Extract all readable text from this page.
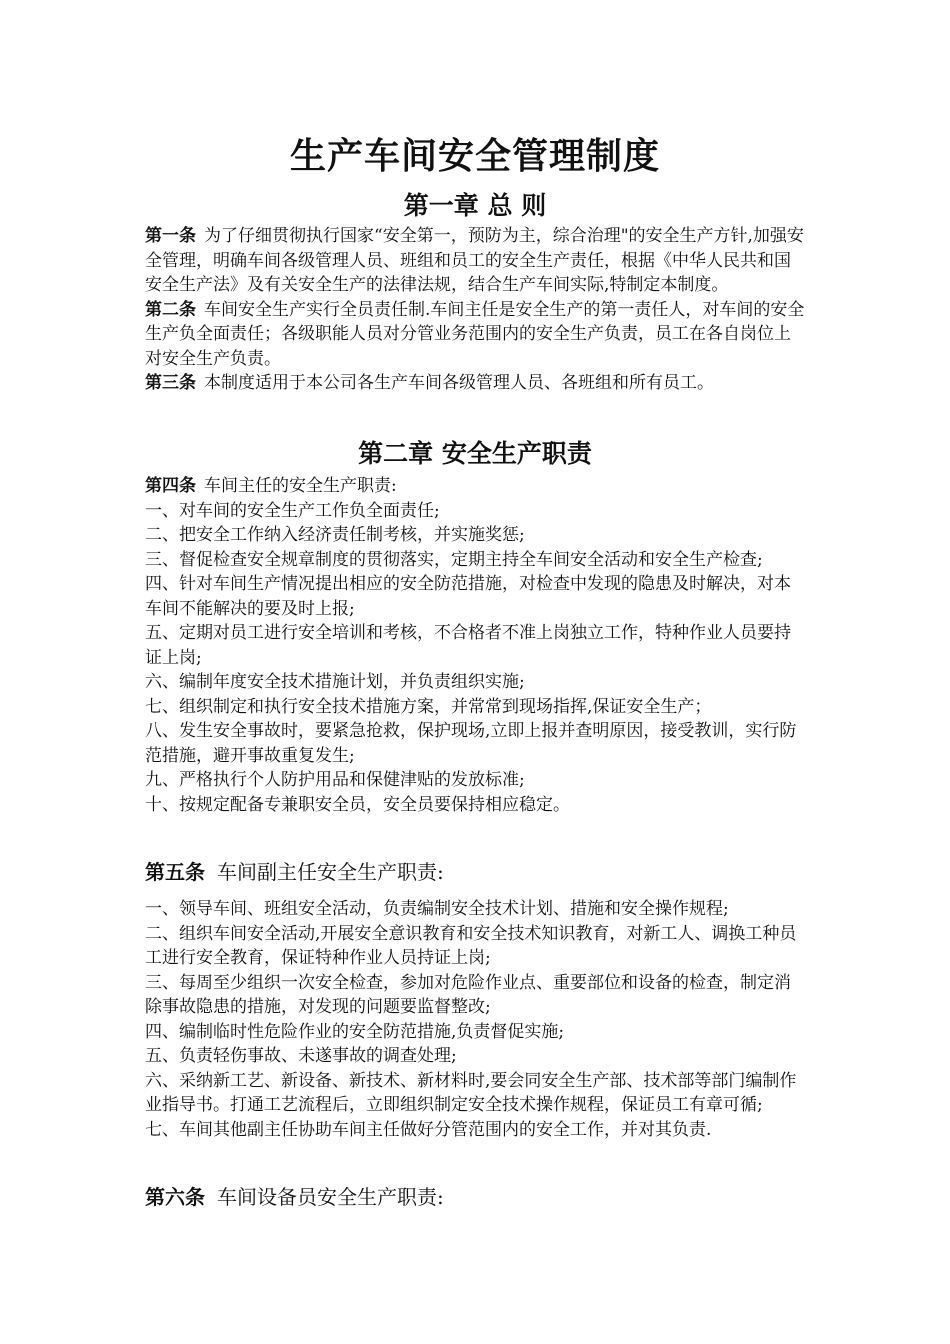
生产车间安全管理制度
第一章 总 则

第一条 为了仔细贯彻执行国家“安全第一，预防为主，综合治理"的安全生产方针,加强安全管理，明确车间各级管理人员、班组和员工的安全生产责任，根据《中华人民共和国安全生产法》及有关安全生产的法律法规，结合生产车间实际,特制定本制度。

第二条 车间安全生产实行全员责任制.车间主任是安全生产的第一责任人，对车间的安全生产负全面责任；各级职能人员对分管业务范围内的安全生产负责，员工在各自岗位上对安全生产负责。

第三条 本制度适用于本公司各生产车间各级管理人员、各班组和所有员工。

第二章 安全生产职责

第四条 车间主任的安全生产职责:

一、对车间的安全生产工作负全面责任;

二、把安全工作纳入经济责任制考核，并实施奖惩;

三、督促检查安全规章制度的贯彻落实，定期主持全车间安全活动和安全生产检查;

四、针对车间生产情况提出相应的安全防范措施，对检查中发现的隐患及时解决，对本车间不能解决的要及时上报;

五、定期对员工进行安全培训和考核，不合格者不准上岗独立工作，特种作业人员要持证上岗;

六、编制年度安全技术措施计划，并负责组织实施;

七、组织制定和执行安全技术措施方案，并常常到现场指挥,保证安全生产；

八、发生安全事故时，要紧急抢救，保护现场,立即上报并查明原因，接受教训，实行防范措施，避开事故重复发生;

九、严格执行个人防护用品和保健津贴的发放标准;

十、按规定配备专兼职安全员，安全员要保持相应稳定。

第五条 车间副主任安全生产职责:

一、领导车间、班组安全活动，负责编制安全技术计划、措施和安全操作规程;

二、组织车间安全活动,开展安全意识教育和安全技术知识教育，对新工人、调换工种员工进行安全教育，保证特种作业人员持证上岗;

三、每周至少组织一次安全检查，参加对危险作业点、重要部位和设备的检查，制定消除事故隐患的措施，对发现的问题要监督整改;

四、编制临时性危险作业的安全防范措施,负责督促实施;

五、负责轻伤事故、未遂事故的调查处理;

六、采纳新工艺、新设备、新技术、新材料时,要会同安全生产部、技术部等部门编制作业指导书。打通工艺流程后，立即组织制定安全技术操作规程，保证员工有章可循;

七、车间其他副主任协助车间主任做好分管范围内的安全工作，并对其负责.

第六条 车间设备员安全生产职责:
